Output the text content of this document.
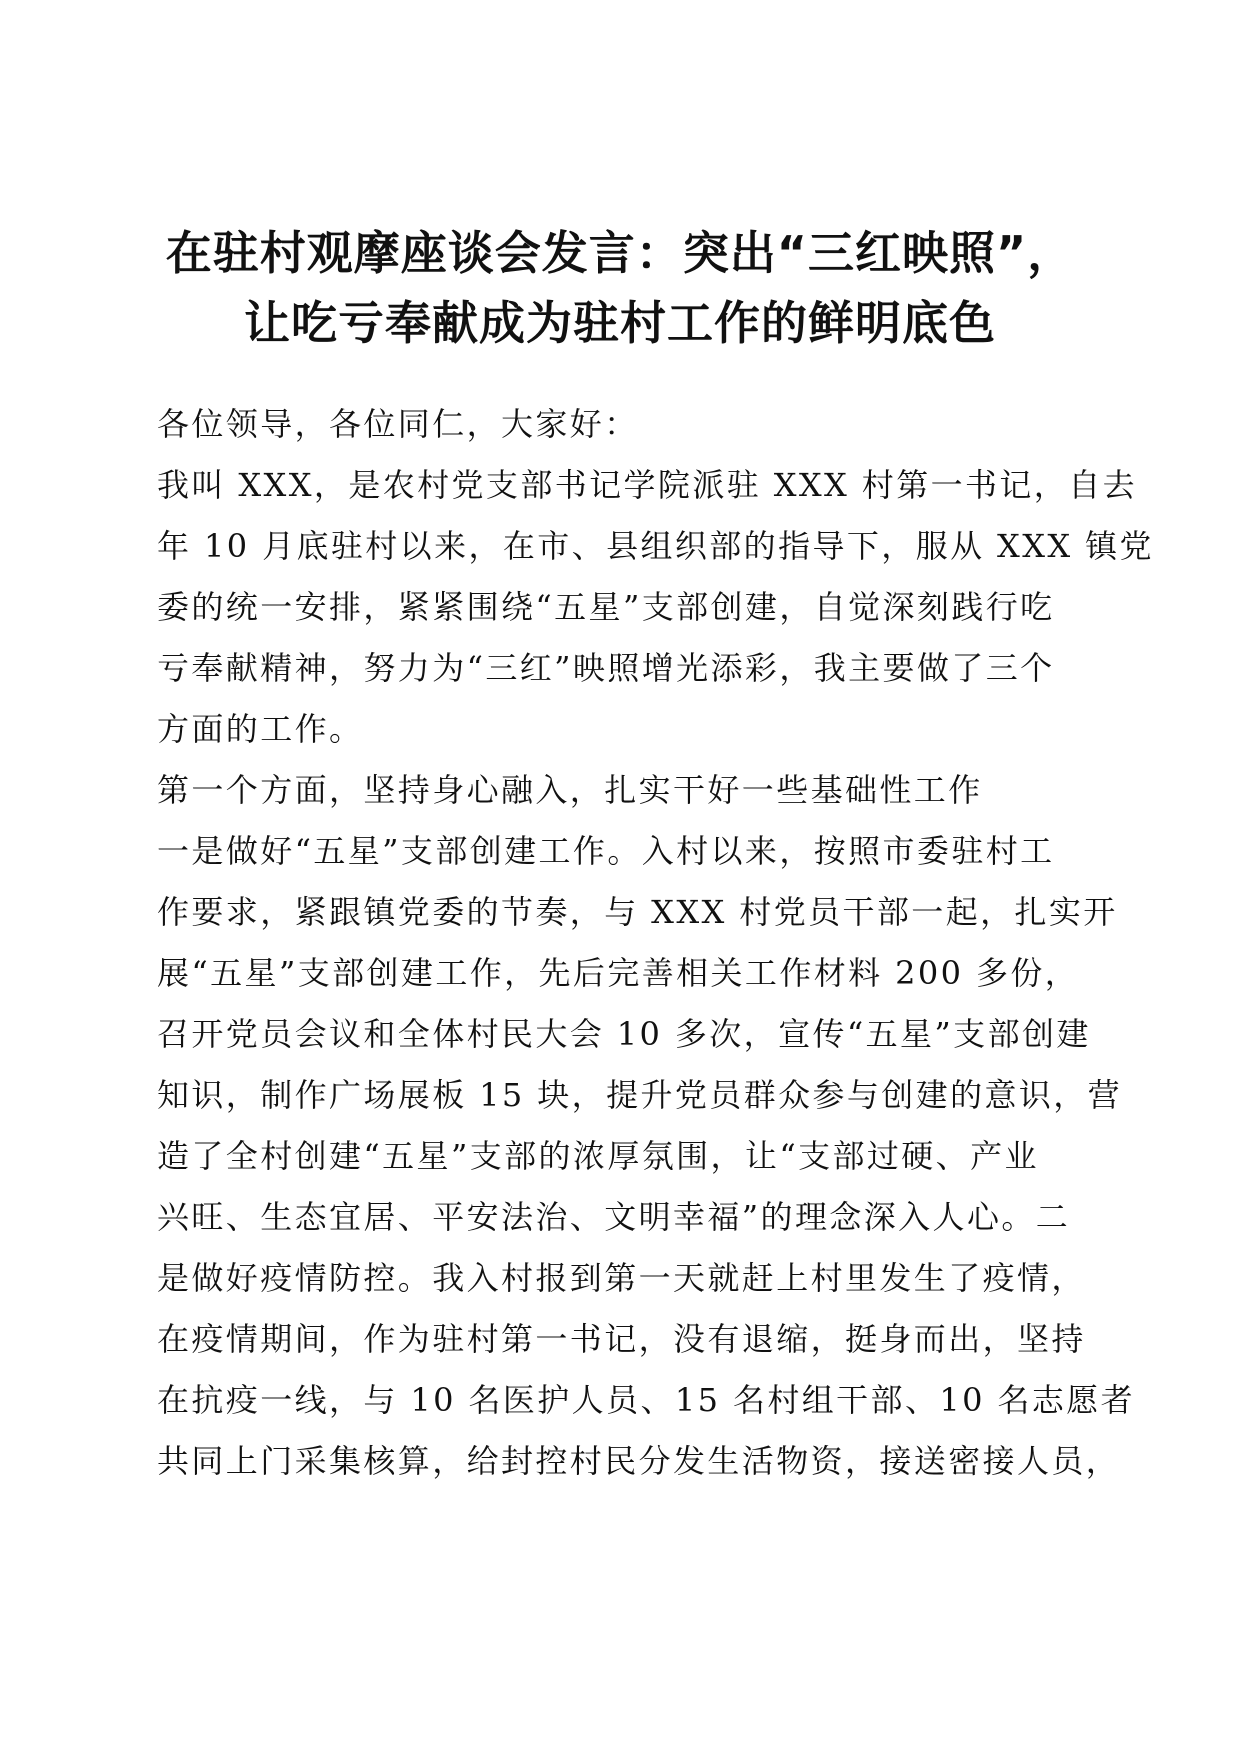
在驻村观摩座谈会发言：突出“三红映照”，
让吃亏奉献成为驻村工作的鲜明底色

各位领导，各位同仁，大家好：

我叫 XXX，是农村党支部书记学院派驻 XXX 村第一书记，自去

年 10 月底驻村以来，在市、县组织部的指导下，服从 XXX 镇党

委的统一安排，紧紧围绕“五星”支部创建，自觉深刻践行吃

亏奉献精神，努力为“三红”映照增光添彩，我主要做了三个

方面的工作。

第一个方面，坚持身心融入，扎实干好一些基础性工作

一是做好“五星”支部创建工作。入村以来，按照市委驻村工

作要求，紧跟镇党委的节奏，与 XXX 村党员干部一起，扎实开

展“五星”支部创建工作，先后完善相关工作材料 200 多份，

召开党员会议和全体村民大会 10 多次，宣传“五星”支部创建

知识，制作广场展板 15 块，提升党员群众参与创建的意识，营

造了全村创建“五星”支部的浓厚氛围，让“支部过硬、产业

兴旺、生态宜居、平安法治、文明幸福”的理念深入人心。二

是做好疫情防控。我入村报到第一天就赶上村里发生了疫情，

在疫情期间，作为驻村第一书记，没有退缩，挺身而出，坚持

在抗疫一线，与 10 名医护人员、15 名村组干部、10 名志愿者

共同上门采集核算，给封控村民分发生活物资，接送密接人员，
